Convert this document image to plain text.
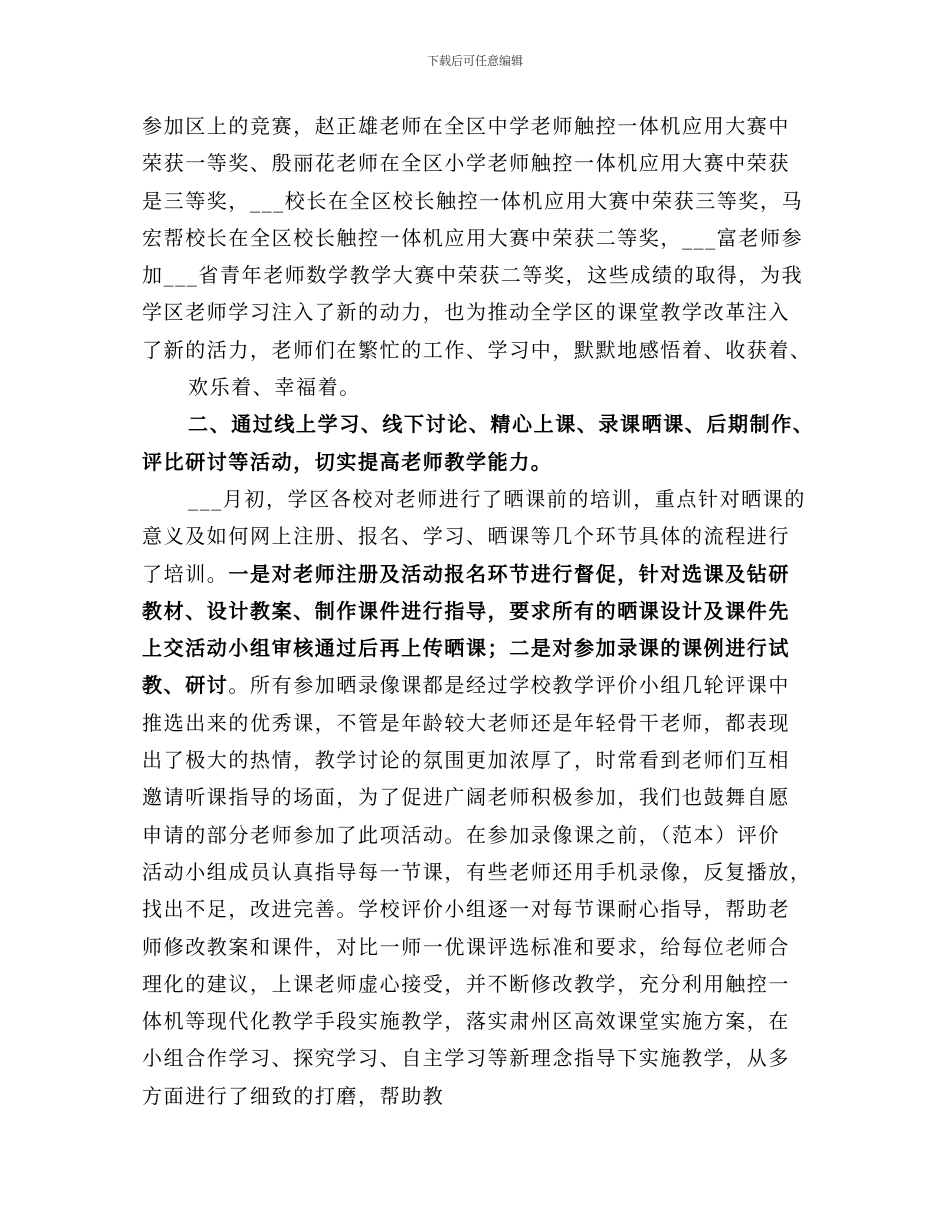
下载后可任意编辑
参加区上的竞赛，赵正雄老师在全区中学老师触控一体机应用大赛中
荣获一等奖、殷丽花老师在全区小学老师触控一体机应用大赛中荣获
是三等奖，___校长在全区校长触控一体机应用大赛中荣获三等奖，马
宏帮校长在全区校长触控一体机应用大赛中荣获二等奖，___富老师参
加___省青年老师数学教学大赛中荣获二等奖，这些成绩的取得，为我
学区老师学习注入了新的动力，也为推动全学区的课堂教学改革注入
了新的活力，老师们在繁忙的工作、学习中，默默地感悟着、收获着、
欢乐着、幸福着。
二、通过线上学习、线下讨论、精心上课、录课晒课、后期制作、
评比研讨等活动，切实提高老师教学能力。
___月初，学区各校对老师进行了晒课前的培训，重点针对晒课的
意义及如何网上注册、报名、学习、晒课等几个环节具体的流程进行
了培训。一是对老师注册及活动报名环节进行督促，针对选课及钻研
教材、设计教案、制作课件进行指导，要求所有的晒课设计及课件先
上交活动小组审核通过后再上传晒课；二是对参加录课的课例进行试
教、研讨。所有参加晒录像课都是经过学校教学评价小组几轮评课中
推选出来的优秀课，不管是年龄较大老师还是年轻骨干老师，都表现
出了极大的热情，教学讨论的氛围更加浓厚了，时常看到老师们互相
邀请听课指导的场面，为了促进广阔老师积极参加，我们也鼓舞自愿
申请的部分老师参加了此项活动。在参加录像课之前，（范本）评价
活动小组成员认真指导每一节课，有些老师还用手机录像，反复播放，
找出不足，改进完善。学校评价小组逐一对每节课耐心指导，帮助老
师修改教案和课件，对比一师一优课评选标准和要求，给每位老师合
理化的建议，上课老师虚心接受，并不断修改教学，充分利用触控一
体机等现代化教学手段实施教学，落实肃州区高效课堂实施方案，在
小组合作学习、探究学习、自主学习等新理念指导下实施教学，从多
方面进行了细致的打磨，帮助教
